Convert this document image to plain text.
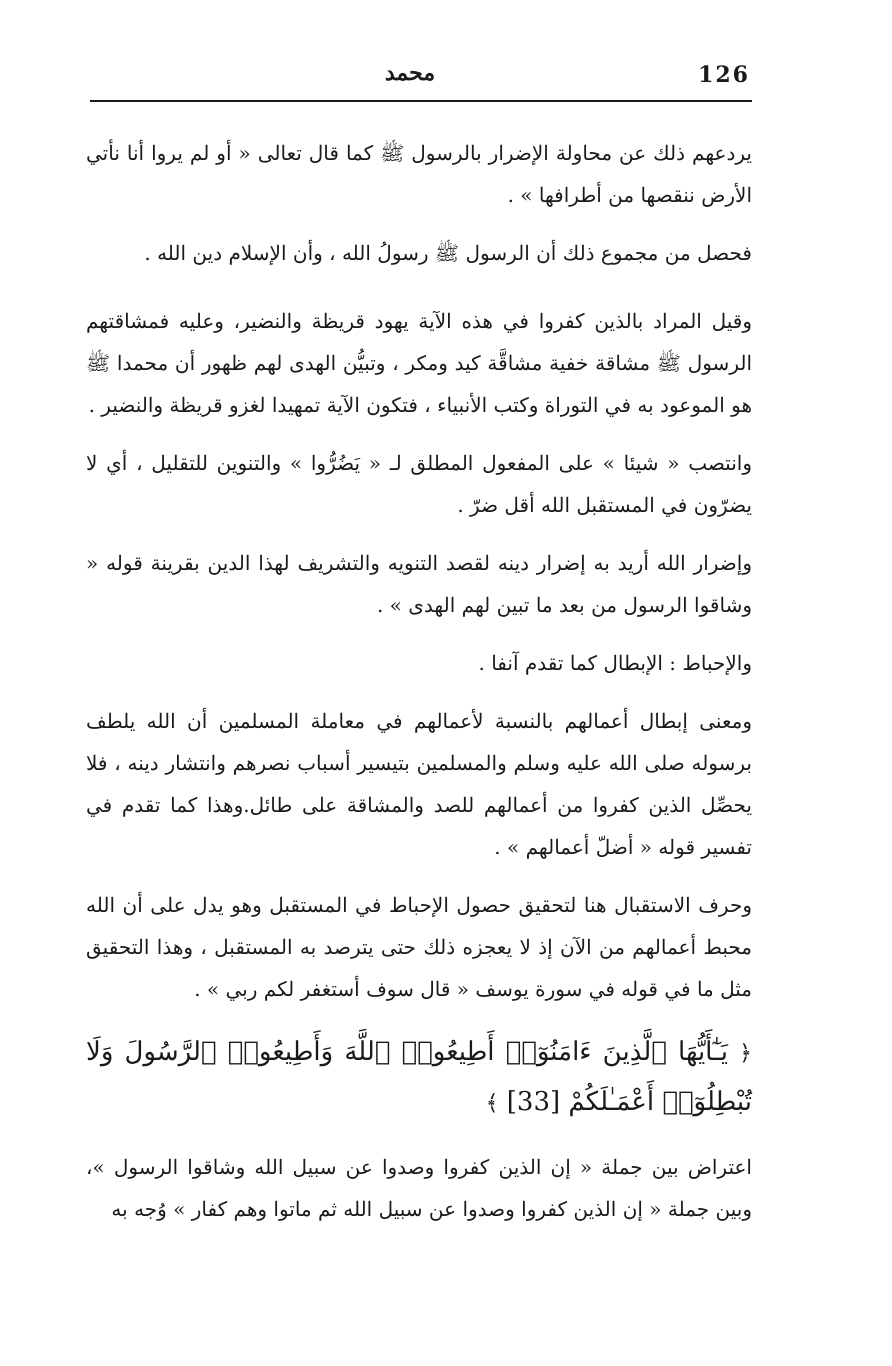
126
محمد

يردعهم ذلك عن محاولة الإضرار بالرسول ﷺ كما قال تعالى « أو لم يروا أنا نأتي الأرض ننقصها من أطرافها » .

فحصل من مجموع ذلك أن الرسول ﷺ رسولُ الله ، وأن الإسلام دين الله .

وقيل المراد بالذين كفروا في هذه الآية يهود قريظة والنضير، وعليه فمشاقتهم الرسول ﷺ مشاقة خفية مشاقَّة كيد ومكر ، وتبيُّن الهدى لهم ظهور أن محمدا ﷺ هو الموعود به في التوراة وكتب الأنبياء ، فتكون الآية تمهيدا لغزو قريظة والنضير .

وانتصب « شيئا » على المفعول المطلق لـ « يَضُرُّوا » والتنوين للتقليل ، أي لا يضرّون في المستقبل الله أقل ضرّ .

وإضرار الله أريد به إضرار دينه لقصد التنويه والتشريف لهذا الدين بقرينة قوله « وشاقوا الرسول من بعد ما تبين لهم الهدى » .

والإحباط : الإبطال كما تقدم آنفا .

ومعنى إبطال أعمالهم بالنسبة لأعمالهم في معاملة المسلمين أن الله يلطف برسوله صلى الله عليه وسلم والمسلمين بتيسير أسباب نصرهم وانتشار دينه ، فلا يحصِّل الذين كفروا من أعمالهم للصد والمشاقة على طائل.وهذا كما تقدم في تفسير قوله « أضلّ أعمالهم » .

وحرف الاستقبال هنا لتحقيق حصول الإحباط في المستقبل وهو يدل على أن الله محبط أعمالهم من الآن إذ لا يعجزه ذلك حتى يترصد به المستقبل ، وهذا التحقيق مثل ما في قوله في سورة يوسف « قال سوف أستغفر لكم ربي » .

﴿ يَـٰٓأَيُّهَا ٱلَّذِينَ ءَامَنُوٓا۟ أَطِيعُوا۟ ٱللَّهَ وَأَطِيعُوا۟ ٱلرَّسُولَ وَلَا تُبْطِلُوٓا۟ أَعْمَـٰلَكُمْ [33] ﴾

اعتراض بين جملة « إن الذين كفروا وصدوا عن سبيل الله وشاقوا الرسول »، وبين جملة « إن الذين كفروا وصدوا عن سبيل الله ثم ماتوا وهم كفار » وُجه به
